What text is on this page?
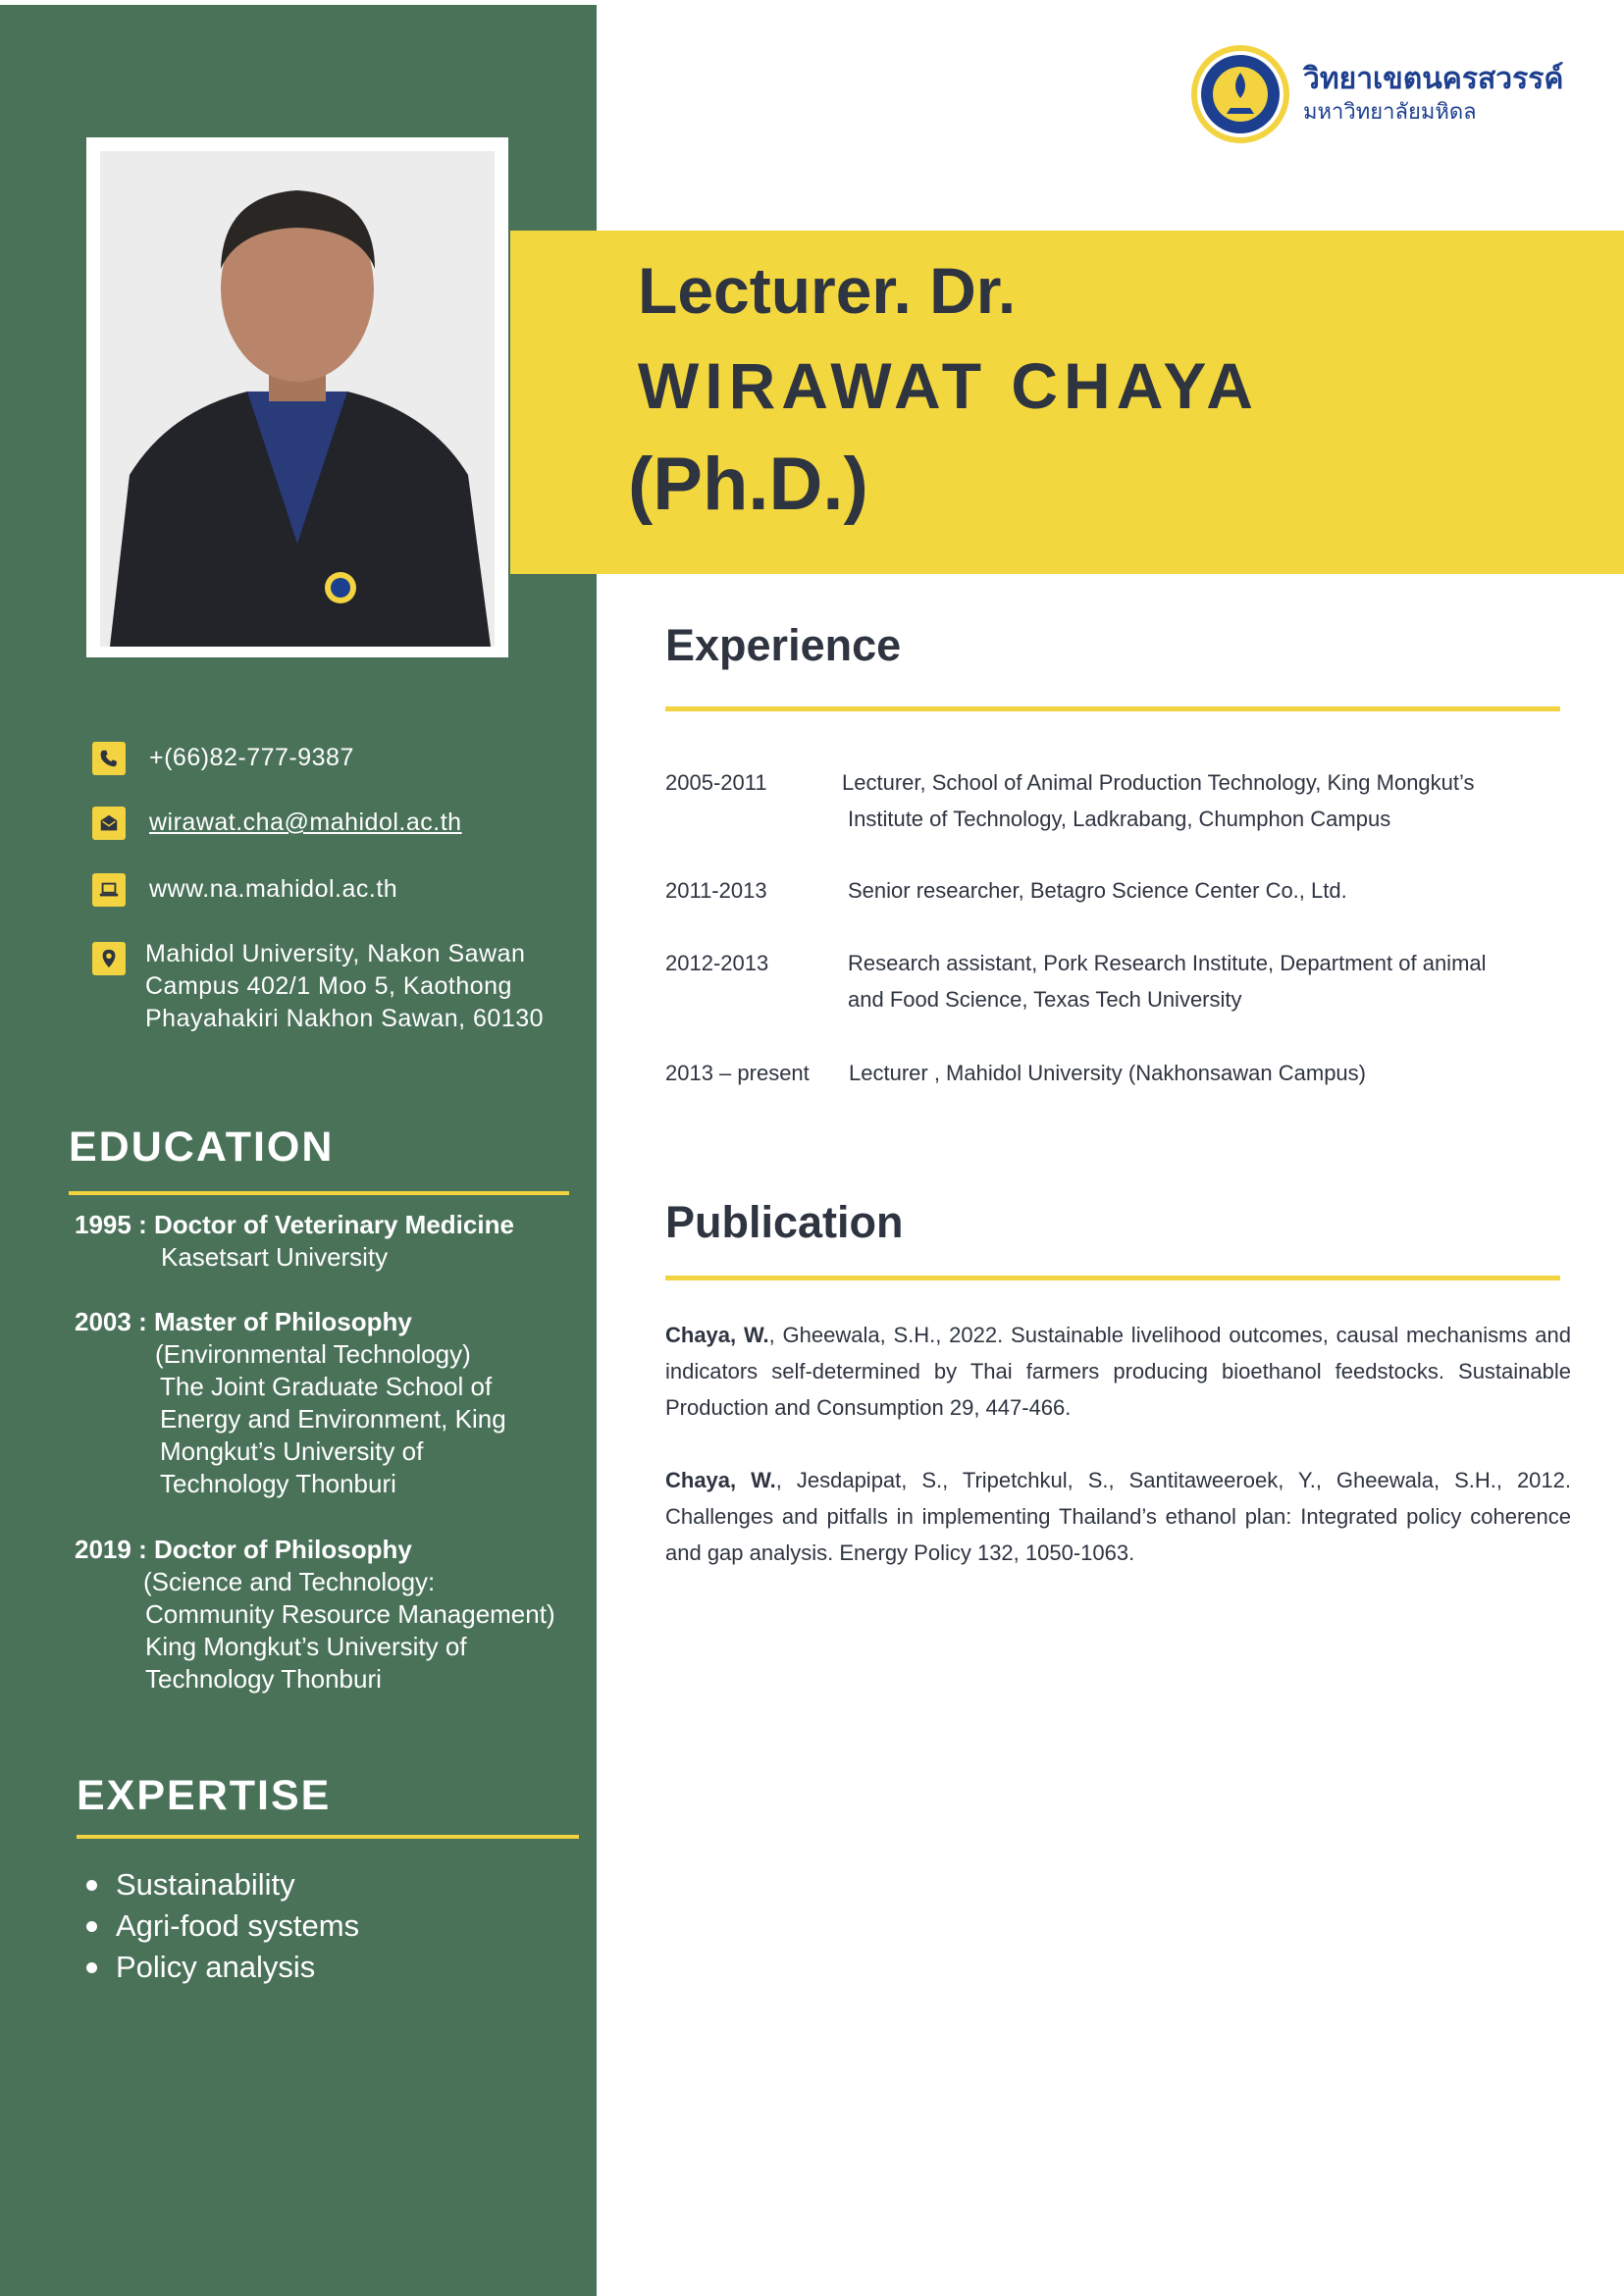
+(66)82-777-9387
wirawat.cha@mahidol.ac.th
www.na.mahidol.ac.th
Mahidol University, Nakon Sawan
Campus 402/1 Moo 5, Kaothong
Phayahakiri Nakhon Sawan, 60130
EDUCATION
1995 : Doctor of Veterinary Medicine
Kasetsart University
2003 : Master of Philosophy
(Environmental Technology)
The Joint Graduate School of
Energy and Environment, King
Mongkut’s University of
Technology Thonburi
2019 : Doctor of Philosophy
(Science and Technology:
Community Resource Management)
King Mongkut’s University of
Technology Thonburi
EXPERTISE
Sustainability
Agri-food systems
Policy analysis
วิทยาเขตนครสวรรค์
มหาวิทยาลัยมหิดล
Lecturer. Dr.
WIRAWAT CHAYA
(Ph.D.)
Experience
2005-2011	Lecturer, School of Animal Production Technology, King Mongkut’s
Institute of Technology, Ladkrabang, Chumphon Campus
2011-2013	Senior researcher, Betagro Science Center Co., Ltd.
2012-2013	Research assistant, Pork Research Institute, Department of animal
and Food Science, Texas Tech University
2013 – present Lecturer , Mahidol University (Nakhonsawan Campus)
Publication
Chaya, W., Gheewala, S.H., 2022. Sustainable livelihood outcomes, causal mechanisms and indicators self-determined by Thai farmers producing bioethanol feedstocks. Sustainable Production and Consumption 29, 447-466.
Chaya, W., Jesdapipat, S., Tripetchkul, S., Santitaweeroek, Y., Gheewala, S.H., 2012. Challenges and pitfalls in implementing Thailand’s ethanol plan: Integrated policy coherence and gap analysis. Energy Policy 132, 1050-1063.
